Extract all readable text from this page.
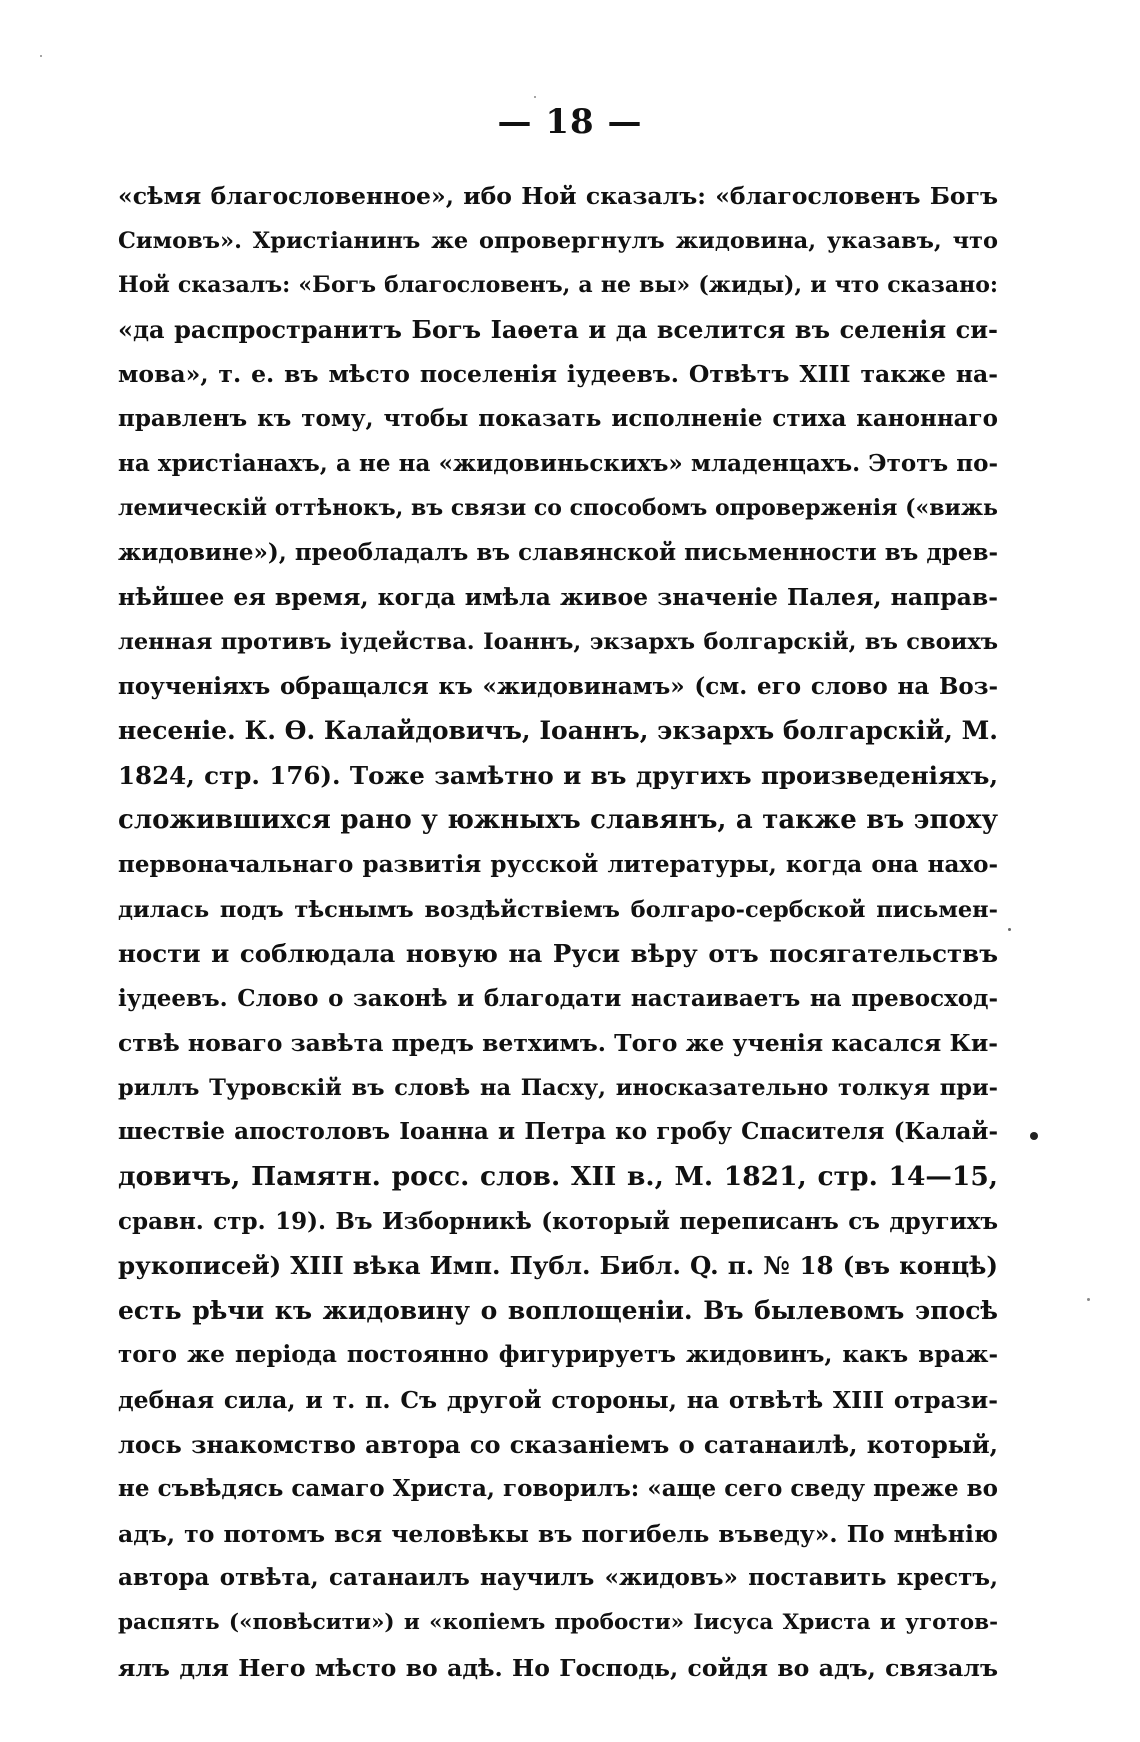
— 18 —
«сѣмя благословенное», ибо Ной сказалъ: «благословенъ Богъ
Симовъ». Христіанинъ же опровергнулъ жидовина, указавъ, что
Ной сказалъ: «Богъ благословенъ, а не вы» (жиды), и что сказано:
«да распространитъ Богъ Іаѳета и да вселится въ селенія си-
мова», т. е. въ мѣсто поселенія іудеевъ. Отвѣтъ XIII также на-
правленъ къ тому, чтобы показать исполненіе стиха каноннаго
на христіанахъ, а не на «жидовиньскихъ» младенцахъ. Этотъ по-
лемическій оттѣнокъ, въ связи со способомъ опроверженія («вижь
жидовине»), преобладалъ въ славянской письменности въ древ-
нѣйшее ея время, когда имѣла живое значеніе Палея, направ-
ленная противъ іудейства. Іоаннъ, экзархъ болгарскій, въ своихъ
поученіяхъ обращался къ «жидовинамъ» (см. его слово на Воз-
несеніе. К. Ѳ. Калайдовичъ, Іоаннъ, экзархъ болгарскій, М.
1824, стр. 176). Тоже замѣтно и въ другихъ произведеніяхъ,
сложившихся рано у южныхъ славянъ, а также въ эпоху
первоначальнаго развитія русской литературы, когда она нахо-
дилась подъ тѣснымъ воздѣйствіемъ болгаро-сербской письмен-
ности и соблюдала новую на Руси вѣру отъ посягательствъ
іудеевъ. Слово о законѣ и благодати настаиваетъ на превосход-
ствѣ новаго завѣта предъ ветхимъ. Того же ученія касался Ки-
риллъ Туровскій въ словѣ на Пасху, иносказательно толкуя при-
шествіе апостоловъ Іоанна и Петра ко гробу Спасителя (Калай-
довичъ, Памятн. росс. слов. XII в., М. 1821, стр. 14—15,
сравн. стр. 19). Въ Изборникѣ (который переписанъ съ другихъ
рукописей) XIII вѣка Имп. Публ. Библ. Q. п. № 18 (въ концѣ)
есть рѣчи къ жидовину о воплощеніи. Въ былевомъ эпосѣ
того же періода постоянно фигурируетъ жидовинъ, какъ враж-
дебная сила, и т. п. Съ другой стороны, на отвѣтѣ XIII отрази-
лось знакомство автора со сказаніемъ о сатанаилѣ, который,
не съвѣдясь самаго Христа, говорилъ: «аще сего сведу преже во
адъ, то потомъ вся человѣкы въ погибель въведу». По мнѣнію
автора отвѣта, сатанаилъ научилъ «жидовъ» поставить крестъ,
распять («повѣсити») и «копіемъ пробости» Іисуса Христа и уготов-
ялъ для Него мѣсто во адѣ. Но Господь, сойдя во адъ, связалъ
